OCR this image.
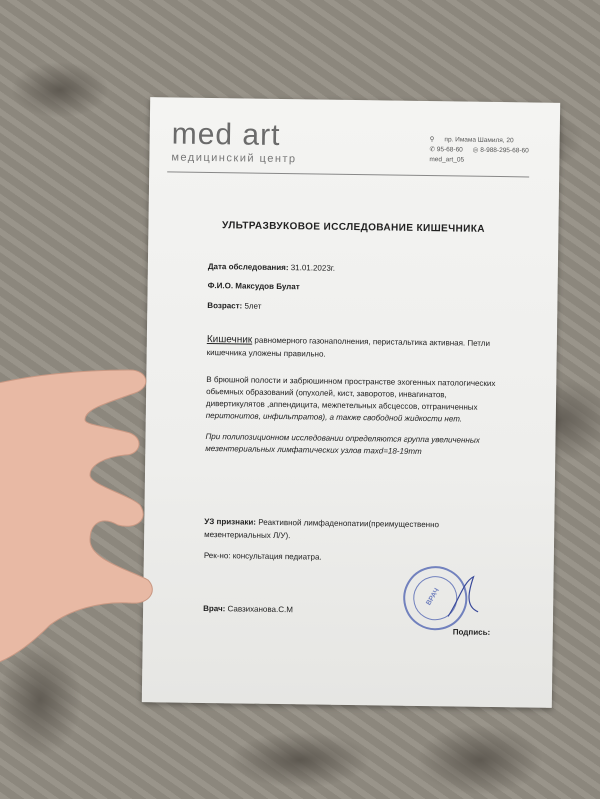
med art
медицинский центр
⚲ пр. Имама Шамиля, 20
✆ 95-68-60 ◎ 8-988-295-68-60
med_art_05
УЛЬТРАЗВУКОВОЕ ИССЛЕДОВАНИЕ КИШЕЧНИКА
Дата обследования: 31.01.2023г.
Ф.И.О. Максудов Булат
Возраст: 5лет
Кишечник равномерного газонаполнения, перистальтика активная. Петли
кишечника уложены правильно.
В брюшной полости и забрюшинном пространстве эхогенных патологических
обьемных образований (опухолей, кист, заворотов, инвагинатов,
дивертикулятов ,аппендицита, межпетельных абсцессов, отграниченных
перитонитов, инфильтратов), а также свободной жидкости нет.
При полипозиционном исследовании определяются группа увеличенных
мезентериальных лимфатических узлов maxd=18-19mm
УЗ признаки: Реактивной лимфаденопатии(преимущественно
мезентериальных Л/У).
Рек-но: консультация педиатра.
Врач: Савзиханова.С.М
ВРАЧ
Подпись:
